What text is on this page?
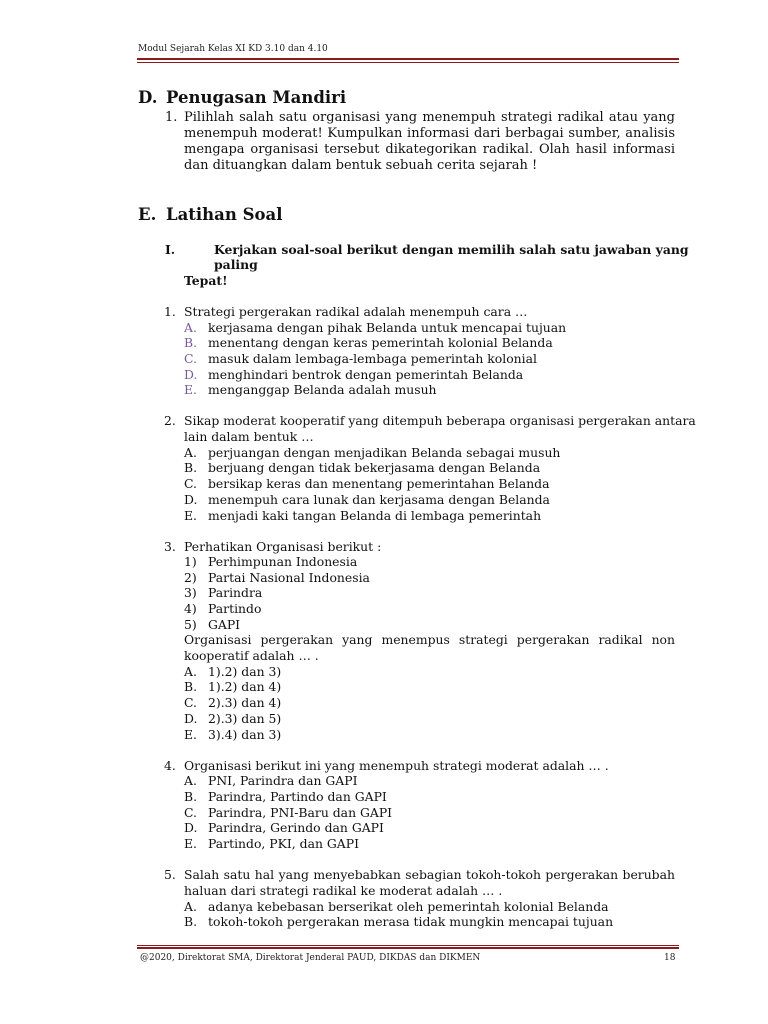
Modul Sejarah Kelas XI KD 3.10 dan 4.10
D. Penugasan Mandiri
1. Pilihlah salah satu organisasi yang menempuh strategi radikal atau yang menempuh moderat! Kumpulkan informasi dari berbagai sumber, analisis mengapa organisasi tersebut dikategorikan radikal. Olah hasil informasi dan dituangkan dalam bentuk sebuah cerita sejarah !
E. Latihan Soal
I.	Kerjakan soal-soal berikut dengan memilih salah satu jawaban yang
paling
Tepat!
1. Strategi pergerakan radikal adalah menempuh cara …
A. kerjasama dengan pihak Belanda untuk mencapai tujuan
B. menentang dengan keras pemerintah kolonial Belanda
C. masuk dalam lembaga-lembaga pemerintah kolonial
D. menghindari bentrok dengan pemerintah Belanda
E. menganggap Belanda adalah musuh
2. Sikap moderat kooperatif yang ditempuh beberapa organisasi pergerakan antara
lain dalam bentuk …
A. perjuangan dengan menjadikan Belanda sebagai musuh
B. berjuang dengan tidak bekerjasama dengan Belanda
C. bersikap keras dan menentang pemerintahan Belanda
D. menempuh cara lunak dan kerjasama dengan Belanda
E. menjadi kaki tangan Belanda di lembaga pemerintah
3. Perhatikan Organisasi berikut :
1) Perhimpunan Indonesia
2) Partai Nasional Indonesia
3) Parindra
4) Partindo
5) GAPI
Organisasi pergerakan yang menempus strategi pergerakan radikal non
kooperatif adalah … .
A. 1).2) dan 3)
B. 1).2) dan 4)
C. 2).3) dan 4)
D. 2).3) dan 5)
E. 3).4) dan 3)
4. Organisasi berikut ini yang menempuh strategi moderat adalah … .
A. PNI, Parindra dan GAPI
B. Parindra, Partindo dan GAPI
C. Parindra, PNI-Baru dan GAPI
D. Parindra, Gerindo dan GAPI
E. Partindo, PKI, dan GAPI
5. Salah satu hal yang menyebabkan sebagian tokoh-tokoh pergerakan berubah
haluan dari strategi radikal ke moderat adalah … .
A. adanya kebebasan berserikat oleh pemerintah kolonial Belanda
B. tokoh-tokoh pergerakan merasa tidak mungkin mencapai tujuan
@2020, Direktorat SMA, Direktorat Jenderal PAUD, DIKDAS dan DIKMEN	18
